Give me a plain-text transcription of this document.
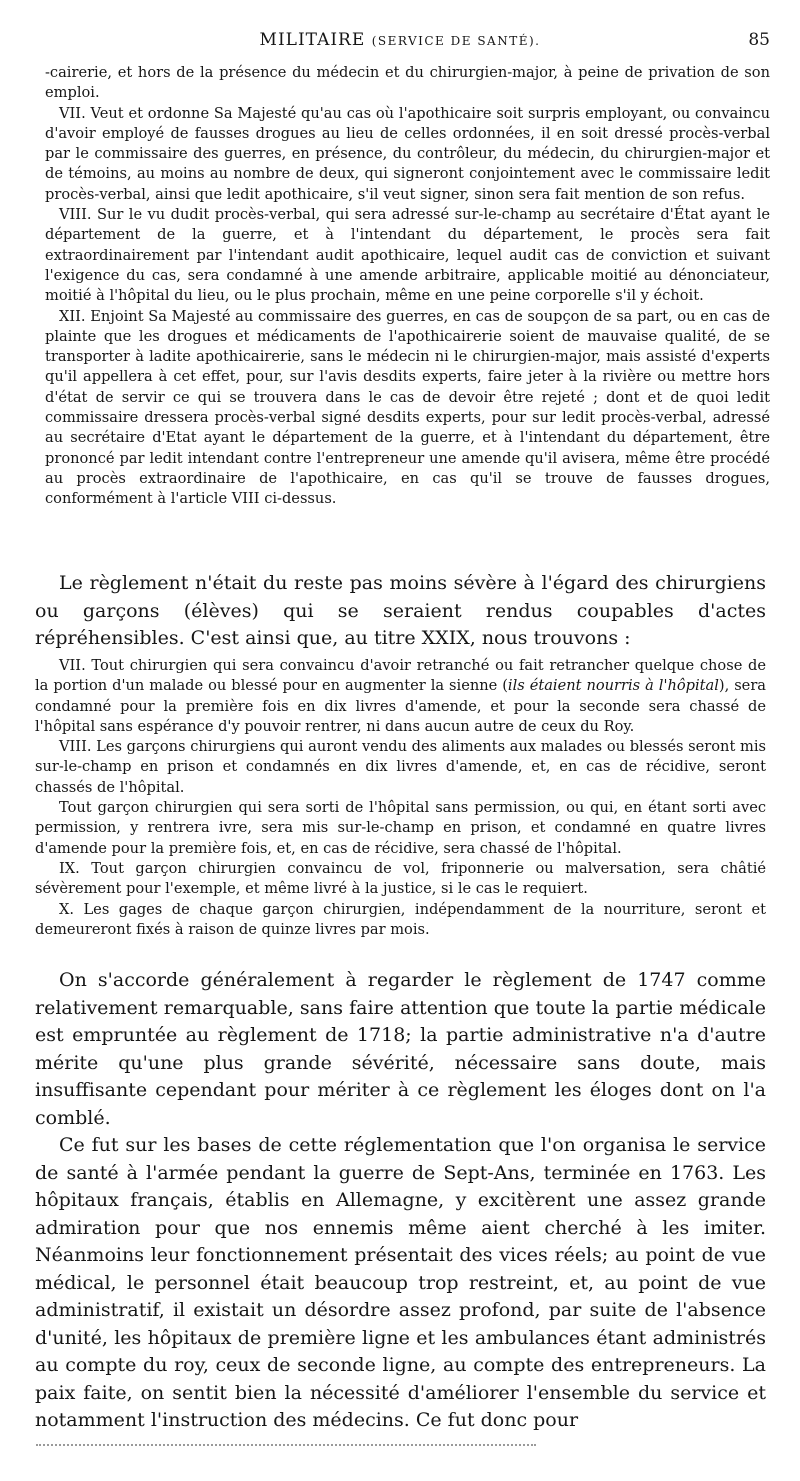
MILITAIRE (SERVICE DE SANTÉ).	85

-cairerie, et hors de la présence du médecin et du chirurgien-major, à peine de privation de son emploi.

VII. Veut et ordonne Sa Majesté qu'au cas où l'apothicaire soit surpris employant, ou convaincu d'avoir employé de fausses drogues au lieu de celles ordonnées, il en soit dressé procès-verbal par le commissaire des guerres, en présence, du contrôleur, du médecin, du chirurgien-major et de témoins, au moins au nombre de deux, qui signeront conjointement avec le commissaire ledit procès-verbal, ainsi que ledit apothicaire, s'il veut signer, sinon sera fait mention de son refus.

VIII. Sur le vu dudit procès-verbal, qui sera adressé sur-le-champ au secrétaire d'État ayant le département de la guerre, et à l'intendant du département, le procès sera fait extraordinairement par l'intendant audit apothicaire, lequel audit cas de conviction et suivant l'exigence du cas, sera condamné à une amende arbitraire, applicable moitié au dénonciateur, moitié à l'hôpital du lieu, ou le plus prochain, même en une peine corporelle s'il y échoit.

XII. Enjoint Sa Majesté au commissaire des guerres, en cas de soupçon de sa part, ou en cas de plainte que les drogues et médicaments de l'apothicairerie soient de mauvaise qualité, de se transporter à ladite apothicairerie, sans le médecin ni le chirurgien-major, mais assisté d'experts qu'il appellera à cet effet, pour, sur l'avis desdits experts, faire jeter à la rivière ou mettre hors d'état de servir ce qui se trouvera dans le cas de devoir être rejeté ; dont et de quoi ledit commissaire dressera procès-verbal signé desdits experts, pour sur ledit procès-verbal, adressé au secrétaire d'Etat ayant le département de la guerre, et à l'intendant du département, être prononcé par ledit intendant contre l'entrepreneur une amende qu'il avisera, même être procédé au procès extraordinaire de l'apothicaire, en cas qu'il se trouve de fausses drogues, conformément à l'article VIII ci-dessus.

Le règlement n'était du reste pas moins sévère à l'égard des chirurgiens ou garçons (élèves) qui se seraient rendus coupables d'actes répréhensibles. C'est ainsi que, au titre XXIX, nous trouvons :

VII. Tout chirurgien qui sera convaincu d'avoir retranché ou fait retrancher quelque chose de la portion d'un malade ou blessé pour en augmenter la sienne (ils étaient nourris à l'hôpital), sera condamné pour la première fois en dix livres d'amende, et pour la seconde sera chassé de l'hôpital sans espérance d'y pouvoir rentrer, ni dans aucun autre de ceux du Roy.

VIII. Les garçons chirurgiens qui auront vendu des aliments aux malades ou blessés seront mis sur-le-champ en prison et condamnés en dix livres d'amende, et, en cas de récidive, seront chassés de l'hôpital.

Tout garçon chirurgien qui sera sorti de l'hôpital sans permission, ou qui, en étant sorti avec permission, y rentrera ivre, sera mis sur-le-champ en prison, et condamné en quatre livres d'amende pour la première fois, et, en cas de récidive, sera chassé de l'hôpital.

IX. Tout garçon chirurgien convaincu de vol, friponnerie ou malversation, sera châtié sévèrement pour l'exemple, et même livré à la justice, si le cas le requiert.

X. Les gages de chaque garçon chirurgien, indépendamment de la nourriture, seront et demeureront fixés à raison de quinze livres par mois.

On s'accorde généralement à regarder le règlement de 1747 comme relativement remarquable, sans faire attention que toute la partie médicale est empruntée au règlement de 1718; la partie administrative n'a d'autre mérite qu'une plus grande sévérité, nécessaire sans doute, mais insuffisante cependant pour mériter à ce règlement les éloges dont on l'a comblé.

Ce fut sur les bases de cette réglementation que l'on organisa le service de santé à l'armée pendant la guerre de Sept-Ans, terminée en 1763. Les hôpitaux français, établis en Allemagne, y excitèrent une assez grande admiration pour que nos ennemis même aient cherché à les imiter. Néanmoins leur fonctionnement présentait des vices réels; au point de vue médical, le personnel était beaucoup trop restreint, et, au point de vue administratif, il existait un désordre assez profond, par suite de l'absence d'unité, les hôpitaux de première ligne et les ambulances étant administrés au compte du roy, ceux de seconde ligne, au compte des entrepreneurs. La paix faite, on sentit bien la nécessité d'améliorer l'ensemble du service et notamment l'instruction des médecins. Ce fut donc pour
